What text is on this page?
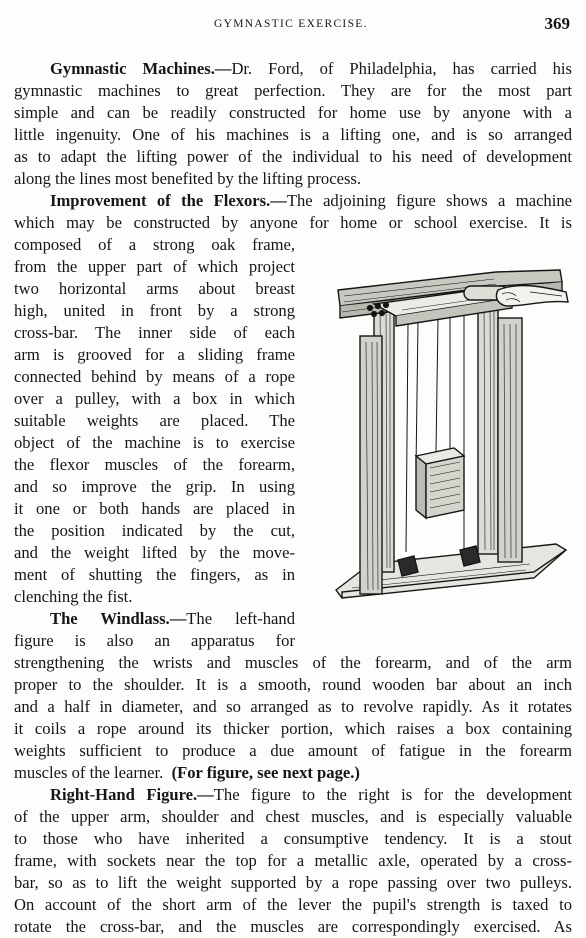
GYMNASTIC EXERCISE.	369
Gymnastic Machines.—Dr. Ford, of Philadelphia, has carried his
gymnastic machines to great perfection. They are for the most part
simple and can be readily constructed for home use by anyone with a
little ingenuity. One of his machines is a lifting one, and is so arranged
as to adapt the lifting power of the individual to his need of development
along the lines most benefited by the lifting process.
Improvement of the Flexors.—The adjoining figure shows a machine
which may be constructed by anyone for home or school exercise. It is
composed of a strong oak frame,
from the upper part of which project
two horizontal arms about breast
high, united in front by a strong
cross-bar. The inner side of each
arm is grooved for a sliding frame
connected behind by means of a rope
over a pulley, with a box in which
suitable weights are placed. The
object of the machine is to exercise
the flexor muscles of the forearm,
and so improve the grip. In using
it one or both hands are placed in
the position indicated by the cut,
and the weight lifted by the move-
ment of shutting the fingers, as in
clenching the fist.
The Windlass.—The left-hand
figure is also an apparatus for
strengthening the wrists and muscles of the forearm, and of the arm
proper to the shoulder. It is a smooth, round wooden bar about an inch
and a half in diameter, and so arranged as to revolve rapidly. As it rotates
it coils a rope around its thicker portion, which raises a box containing
weights sufficient to produce a due amount of fatigue in the forearm
muscles of the learner. (For figure, see next page.)
Right-Hand Figure.—The figure to the right is for the development
of the upper arm, shoulder and chest muscles, and is especially valuable
to those who have inherited a consumptive tendency. It is a stout
frame, with sockets near the top for a metallic axle, operated by a cross-
bar, so as to lift the weight supported by a rope passing over two pulleys.
On account of the short arm of the lever the pupil's strength is taxed to
rotate the cross-bar, and the muscles are correspondingly exercised. As
